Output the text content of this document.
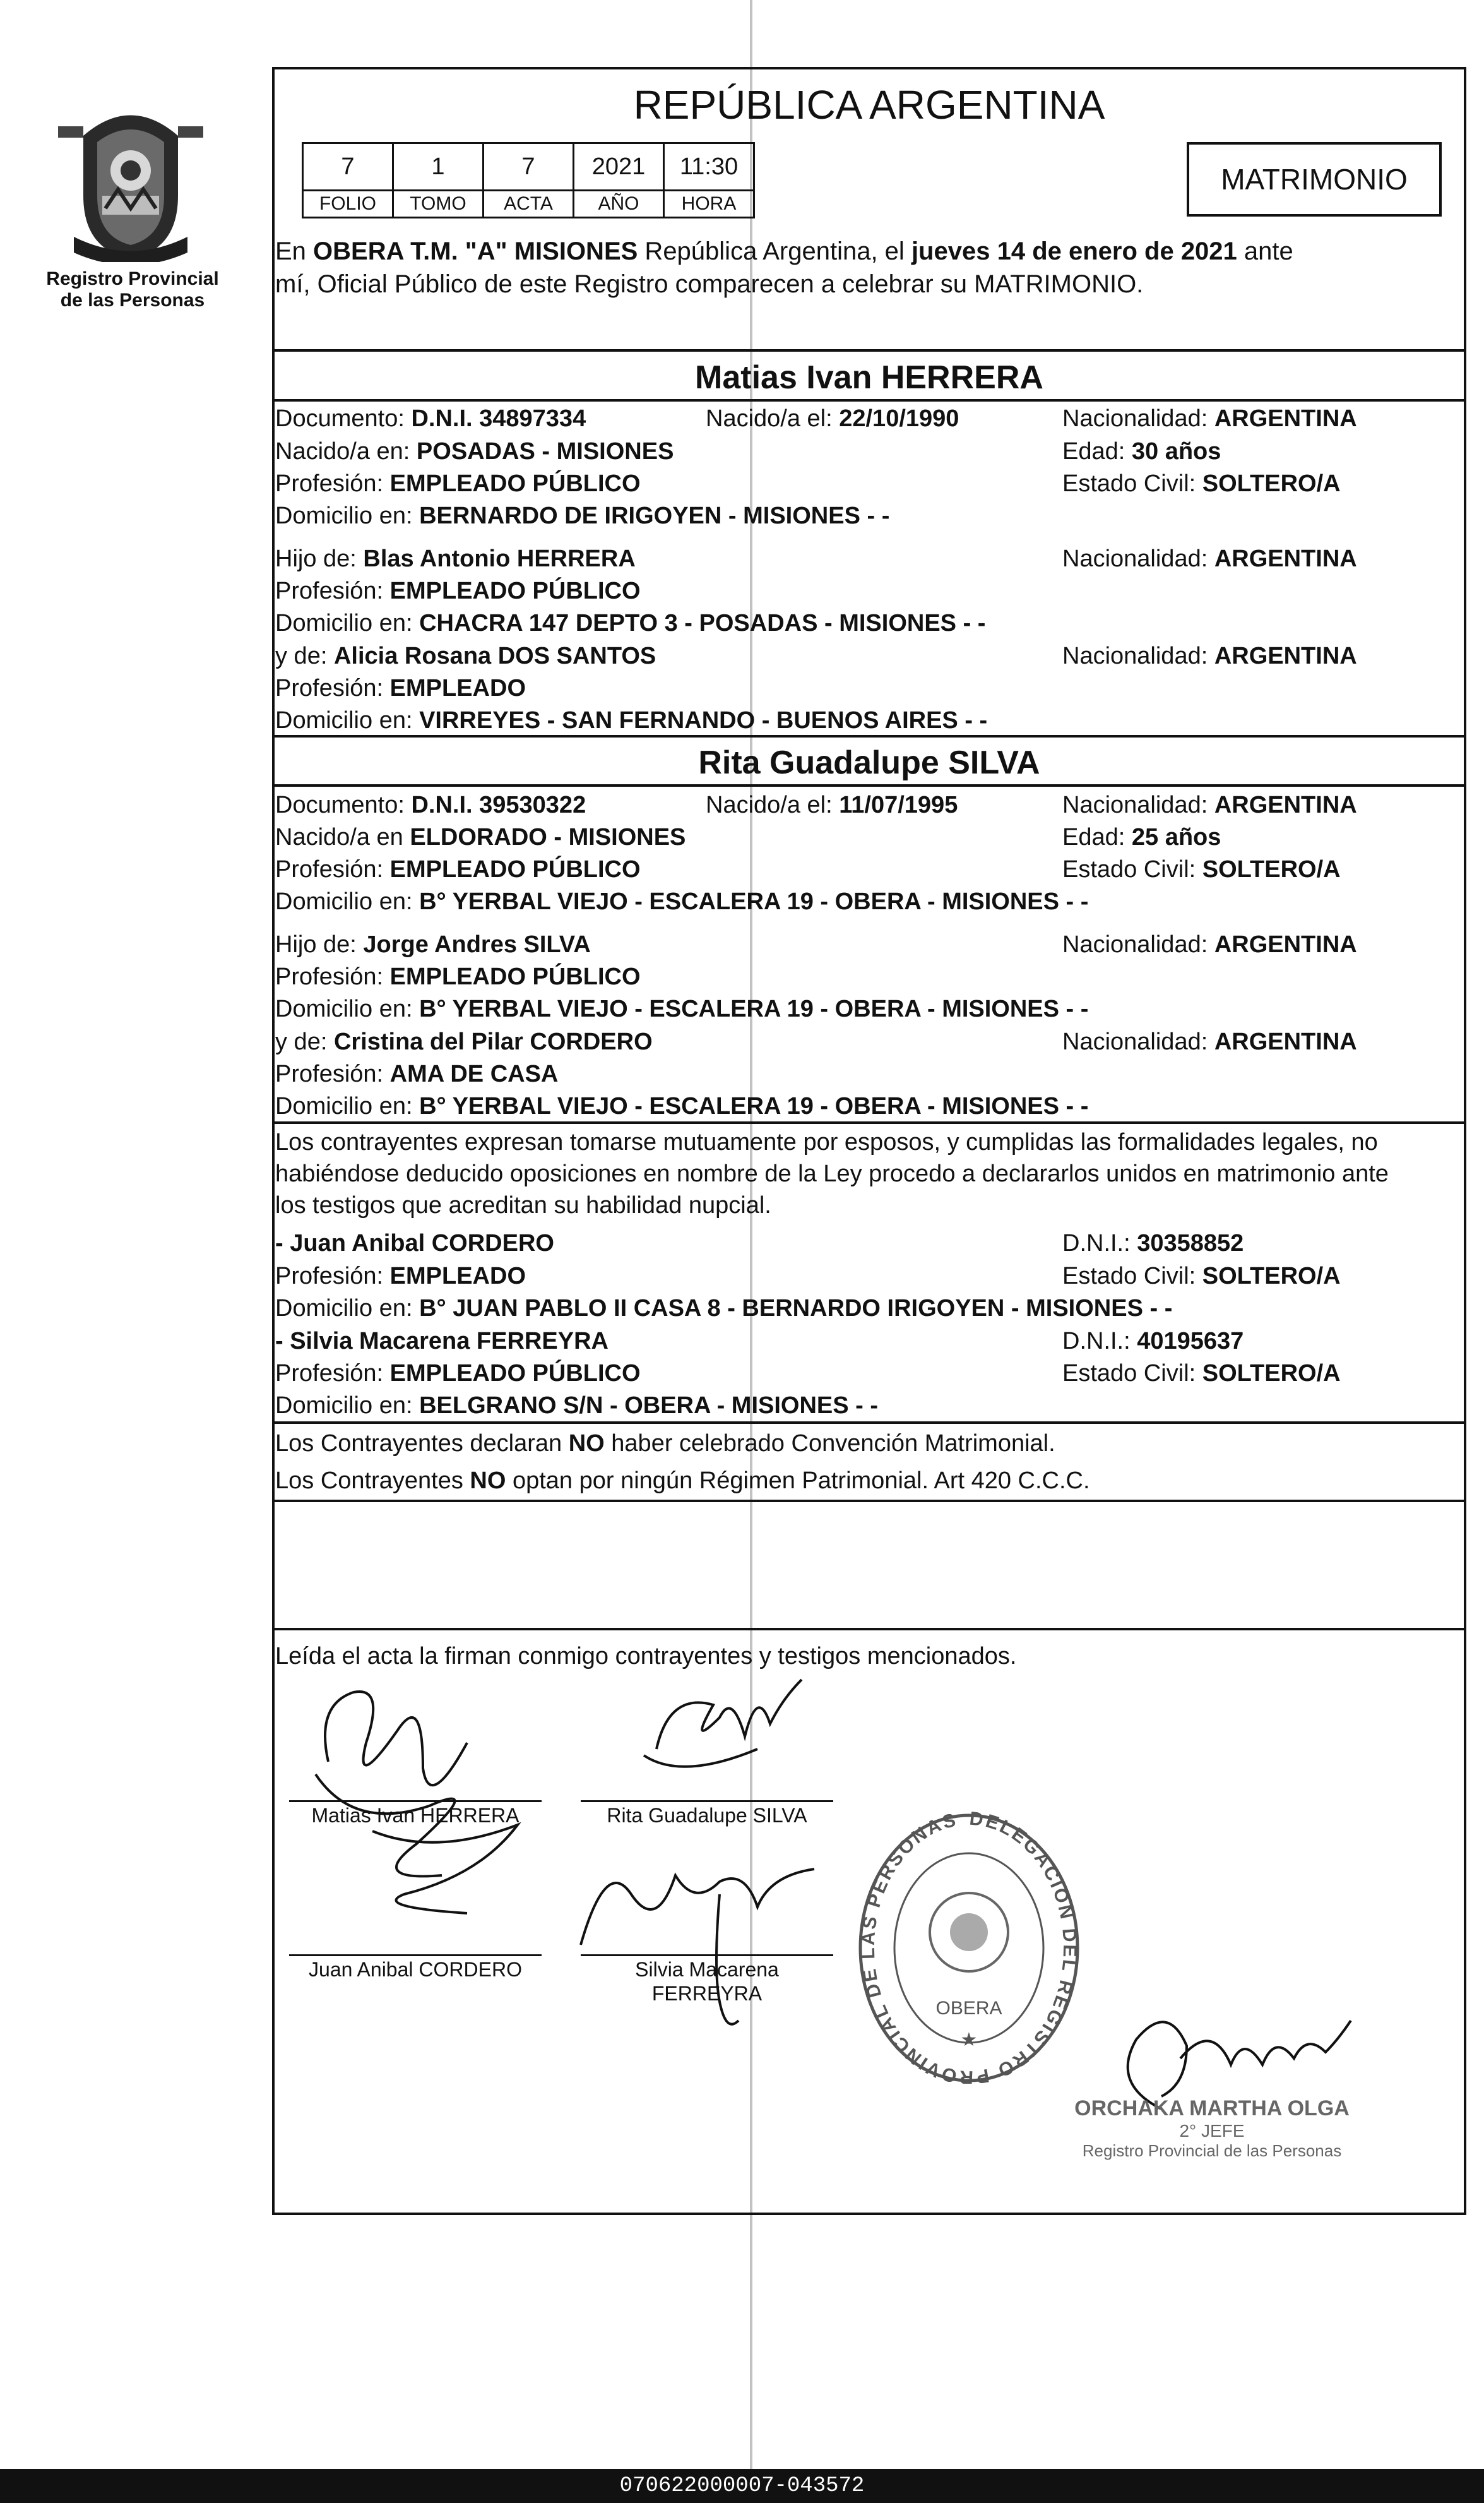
Registro Provincial
de las Personas
REPÚBLICA ARGENTINA
7	1	7	2021	11:30
FOLIO	TOMO	ACTA	AÑO	HORA
MATRIMONIO
En OBERA T.M. "A" MISIONES República Argentina, el jueves 14 de enero de 2021 ante
mí, Oficial Público de este Registro comparecen a celebrar su MATRIMONIO.
Matias Ivan HERRERA
Documento: D.N.I. 34897334	Nacido/a el: 22/10/1990	Nacionalidad: ARGENTINA
Nacido/a en: POSADAS - MISIONES	Edad: 30 años
Profesión: EMPLEADO PÚBLICO	Estado Civil: SOLTERO/A
Domicilio en: BERNARDO DE IRIGOYEN - MISIONES - -
Hijo de: Blas Antonio HERRERA	Nacionalidad: ARGENTINA
Profesión: EMPLEADO PÚBLICO
Domicilio en: CHACRA 147 DEPTO 3 - POSADAS - MISIONES - -
y de: Alicia Rosana DOS SANTOS	Nacionalidad: ARGENTINA
Profesión: EMPLEADO
Domicilio en: VIRREYES - SAN FERNANDO - BUENOS AIRES - -
Rita Guadalupe SILVA
Documento: D.N.I. 39530322	Nacido/a el: 11/07/1995	Nacionalidad: ARGENTINA
Nacido/a en ELDORADO - MISIONES	Edad: 25 años
Profesión: EMPLEADO PÚBLICO	Estado Civil: SOLTERO/A
Domicilio en: B° YERBAL VIEJO - ESCALERA 19 - OBERA - MISIONES - -
Hijo de: Jorge Andres SILVA	Nacionalidad: ARGENTINA
Profesión: EMPLEADO PÚBLICO
Domicilio en: B° YERBAL VIEJO - ESCALERA 19 - OBERA - MISIONES - -
y de: Cristina del Pilar CORDERO	Nacionalidad: ARGENTINA
Profesión: AMA DE CASA
Domicilio en: B° YERBAL VIEJO - ESCALERA 19 - OBERA - MISIONES - -
Los contrayentes expresan tomarse mutuamente por esposos, y cumplidas las formalidades legales, no
habiéndose deducido oposiciones en nombre de la Ley procedo a declararlos unidos en matrimonio ante
los testigos que acreditan su habilidad nupcial.
- Juan Anibal CORDERO	D.N.I.: 30358852
Profesión: EMPLEADO	Estado Civil: SOLTERO/A
Domicilio en: B° JUAN PABLO II CASA 8 - BERNARDO IRIGOYEN - MISIONES - -
- Silvia Macarena FERREYRA	D.N.I.: 40195637
Profesión: EMPLEADO PÚBLICO	Estado Civil: SOLTERO/A
Domicilio en: BELGRANO S/N - OBERA - MISIONES - -
Los Contrayentes declaran NO haber celebrado Convención Matrimonial.
Los Contrayentes NO optan por ningún Régimen Patrimonial. Art 420 C.C.C.
Leída el acta la firman conmigo contrayentes y testigos mencionados.
Matias Ivan HERRERA	Rita Guadalupe SILVA
Juan Anibal CORDERO	Silvia Macarena
FERREYRA
DELEGACION DEL REGISTRO PROVINCIAL DE LAS PERSONAS
OBERA
★
ORCHAKA MARTHA OLGA
2° JEFE
Registro Provincial de las Personas
070622000007-043572
